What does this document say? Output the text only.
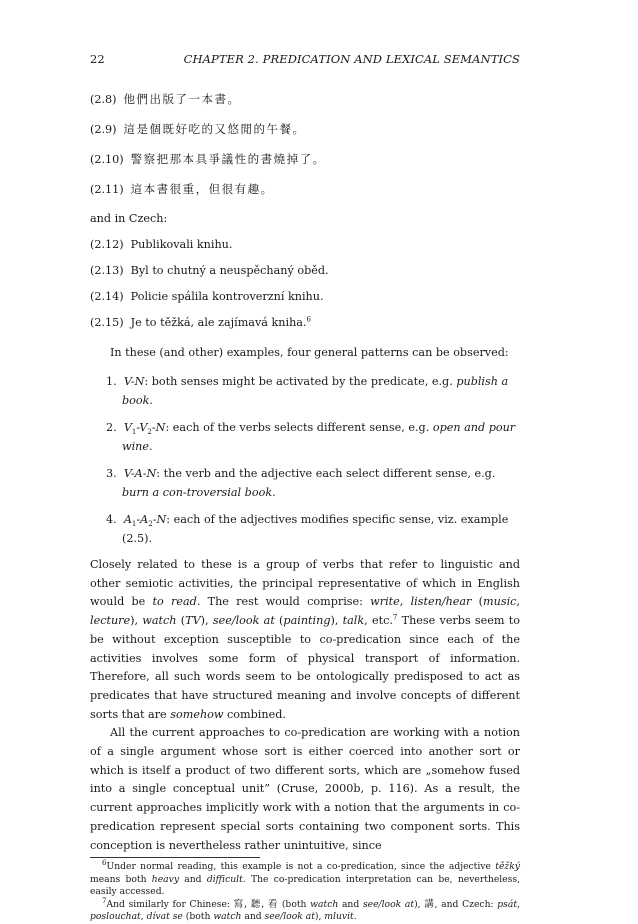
22	CHAPTER 2. PREDICATION AND LEXICAL SEMANTICS
(2.8) 他們出版了一本書。
(2.9) 這是個既好吃的又悠閒的午餐。
(2.10) 警察把那本具爭議性的書燒掉了。
(2.11) 這本書很重，但很有趣。

and in Czech:

(2.12) Publikovali knihu.
(2.13) Byl to chutný a neuspěchaný oběd.
(2.14) Policie spálila kontroverzní knihu.
(2.15) Je to těžká, ale zajímavá kniha.$^6$

In these (and other) examples, four general patterns can be observed:

1. V-N: both senses might be activated by the predicate, e.g. publish a book.
2. $V_1-V_2-N$: each of the verbs selects different sense, e.g. open and pour wine.
3. V-A-N: the verb and the adjective each select different sense, e.g. burn a con-troversial book.
4. $A_1-A_2-N$: each of the adjectives modifies specific sense, viz. example (2.5).

Closely related to these is a group of verbs that refer to linguistic and other semiotic activities, the principal representative of which in English would be to read. The rest would comprise: write, listen/hear (music, lecture), watch (TV), see/look at (painting), talk, etc.$^7$ These verbs seem to be without exception susceptible to co-predication since each of the activities involves some form of physical transport of information. Therefore, all such words seem to be ontologically predisposed to act as predicates that have structured meaning and involve concepts of different sorts that are somehow combined.

All the current approaches to co-predication are working with a notion of a single argument whose sort is either coerced into another sort or which is itself a product of two different sorts, which are „somehow fused into a single conceptual unit” (Cruse, 2000b, p. 116). As a result, the current approaches implicitly work with a notion that the arguments in co-predication represent special sorts containing two component sorts. This conception is nevertheless rather unintuitive, since

$^6$Under normal reading, this example is not a co-predication, since the adjective těžký means both heavy and difficult. The co-predication interpretation can be, nevertheless, easily accessed.

$^7$And similarly for Chinese: 寫, 聽, 看 (both watch and see/look at), 講, and Czech: psát, poslouchat, dívat se (both watch and see/look at), mluvit.
